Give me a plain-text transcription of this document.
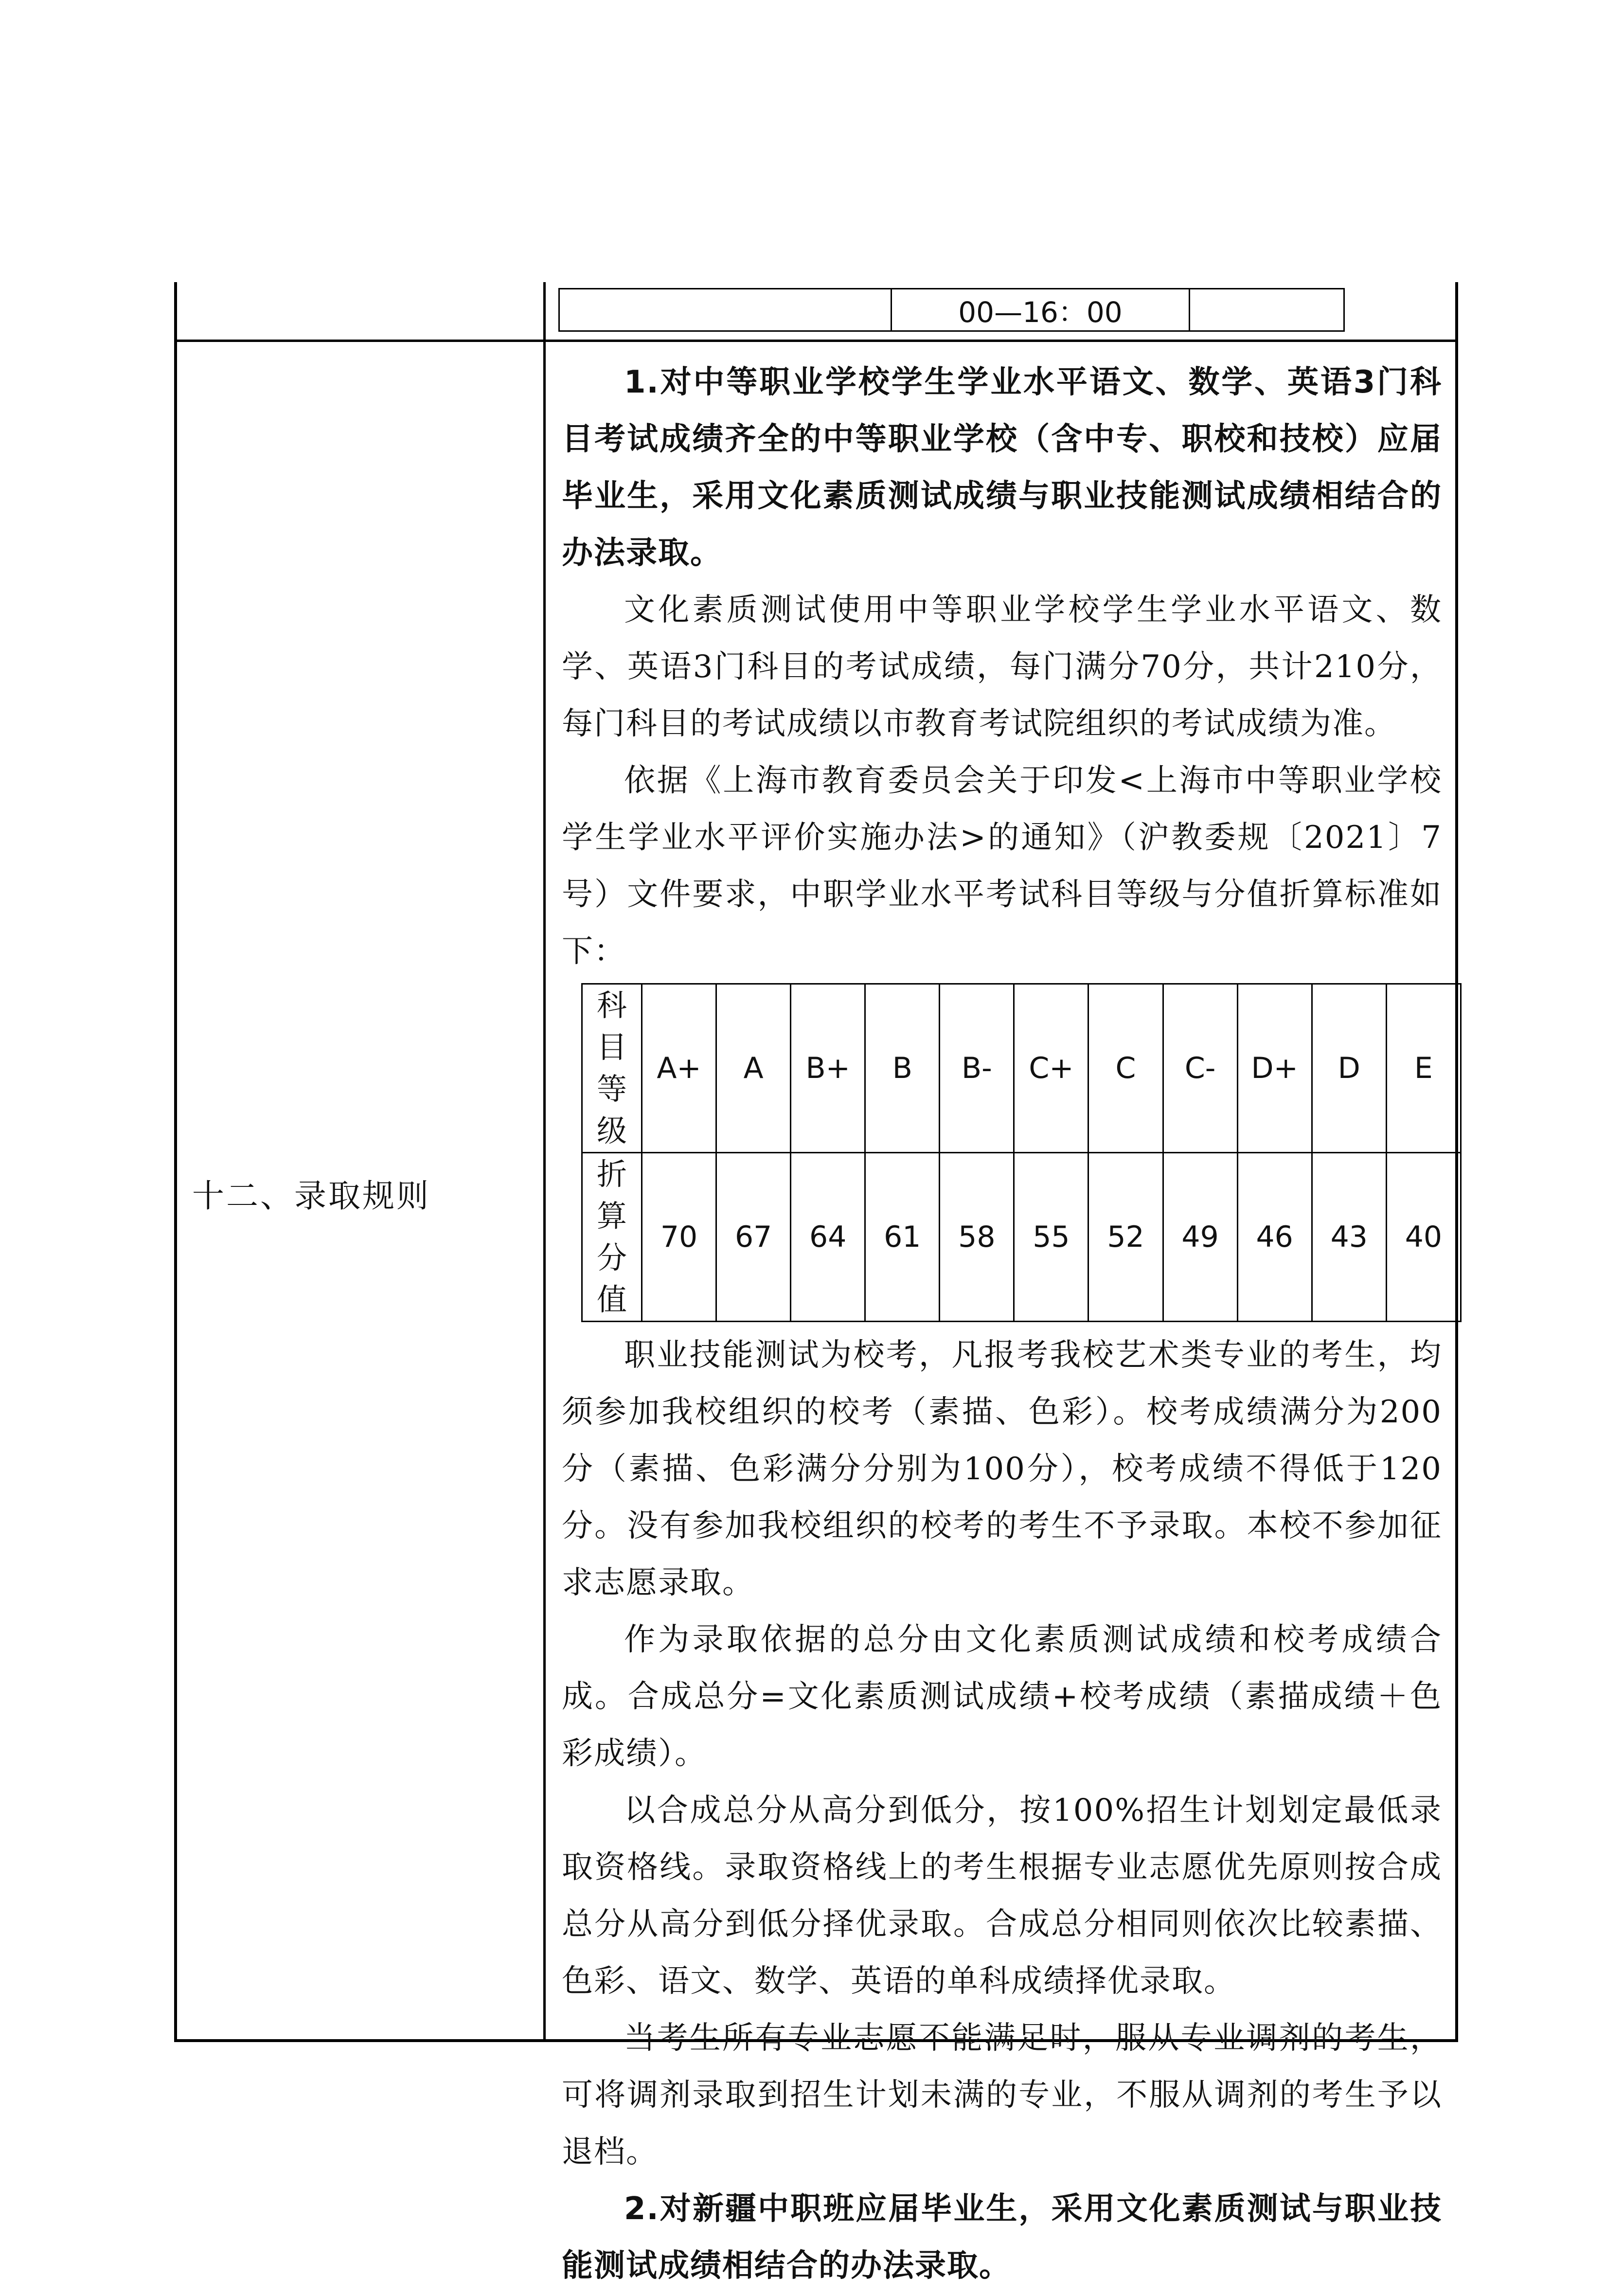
	00—16：00	
十二、录取规则

1.对中等职业学校学生学业水平语文、数学、英语3门科目考试成绩齐全的中等职业学校（含中专、职校和技校）应届毕业生，采用文化素质测试成绩与职业技能测试成绩相结合的办法录取。

文化素质测试使用中等职业学校学生学业水平语文、数学、英语3门科目的考试成绩，每门满分70分，共计210分，每门科目的考试成绩以市教育考试院组织的考试成绩为准。

依据《上海市教育委员会关于印发<上海市中等职业学校学生学业水平评价实施办法>的通知》（沪教委规〔2021〕7号）文件要求，中职学业水平考试科目等级与分值折算标准如下：

科目等级	A+	A	B+	B	B-	C+	C	C-	D+	D	E
折算分值	70	67	64	61	58	55	52	49	46	43	40

职业技能测试为校考，凡报考我校艺术类专业的考生，均须参加我校组织的校考（素描、色彩）。校考成绩满分为200分（素描、色彩满分分别为100分），校考成绩不得低于120分。没有参加我校组织的校考的考生不予录取。本校不参加征求志愿录取。

作为录取依据的总分由文化素质测试成绩和校考成绩合成。合成总分=文化素质测试成绩+校考成绩（素描成绩＋色彩成绩）。

以合成总分从高分到低分，按100%招生计划划定最低录取资格线。录取资格线上的考生根据专业志愿优先原则按合成总分从高分到低分择优录取。合成总分相同则依次比较素描、色彩、语文、数学、英语的单科成绩择优录取。

当考生所有专业志愿不能满足时，服从专业调剂的考生，可将调剂录取到招生计划未满的专业，不服从调剂的考生予以退档。

2.对新疆中职班应届毕业生，采用文化素质测试与职业技能测试成绩相结合的办法录取。
